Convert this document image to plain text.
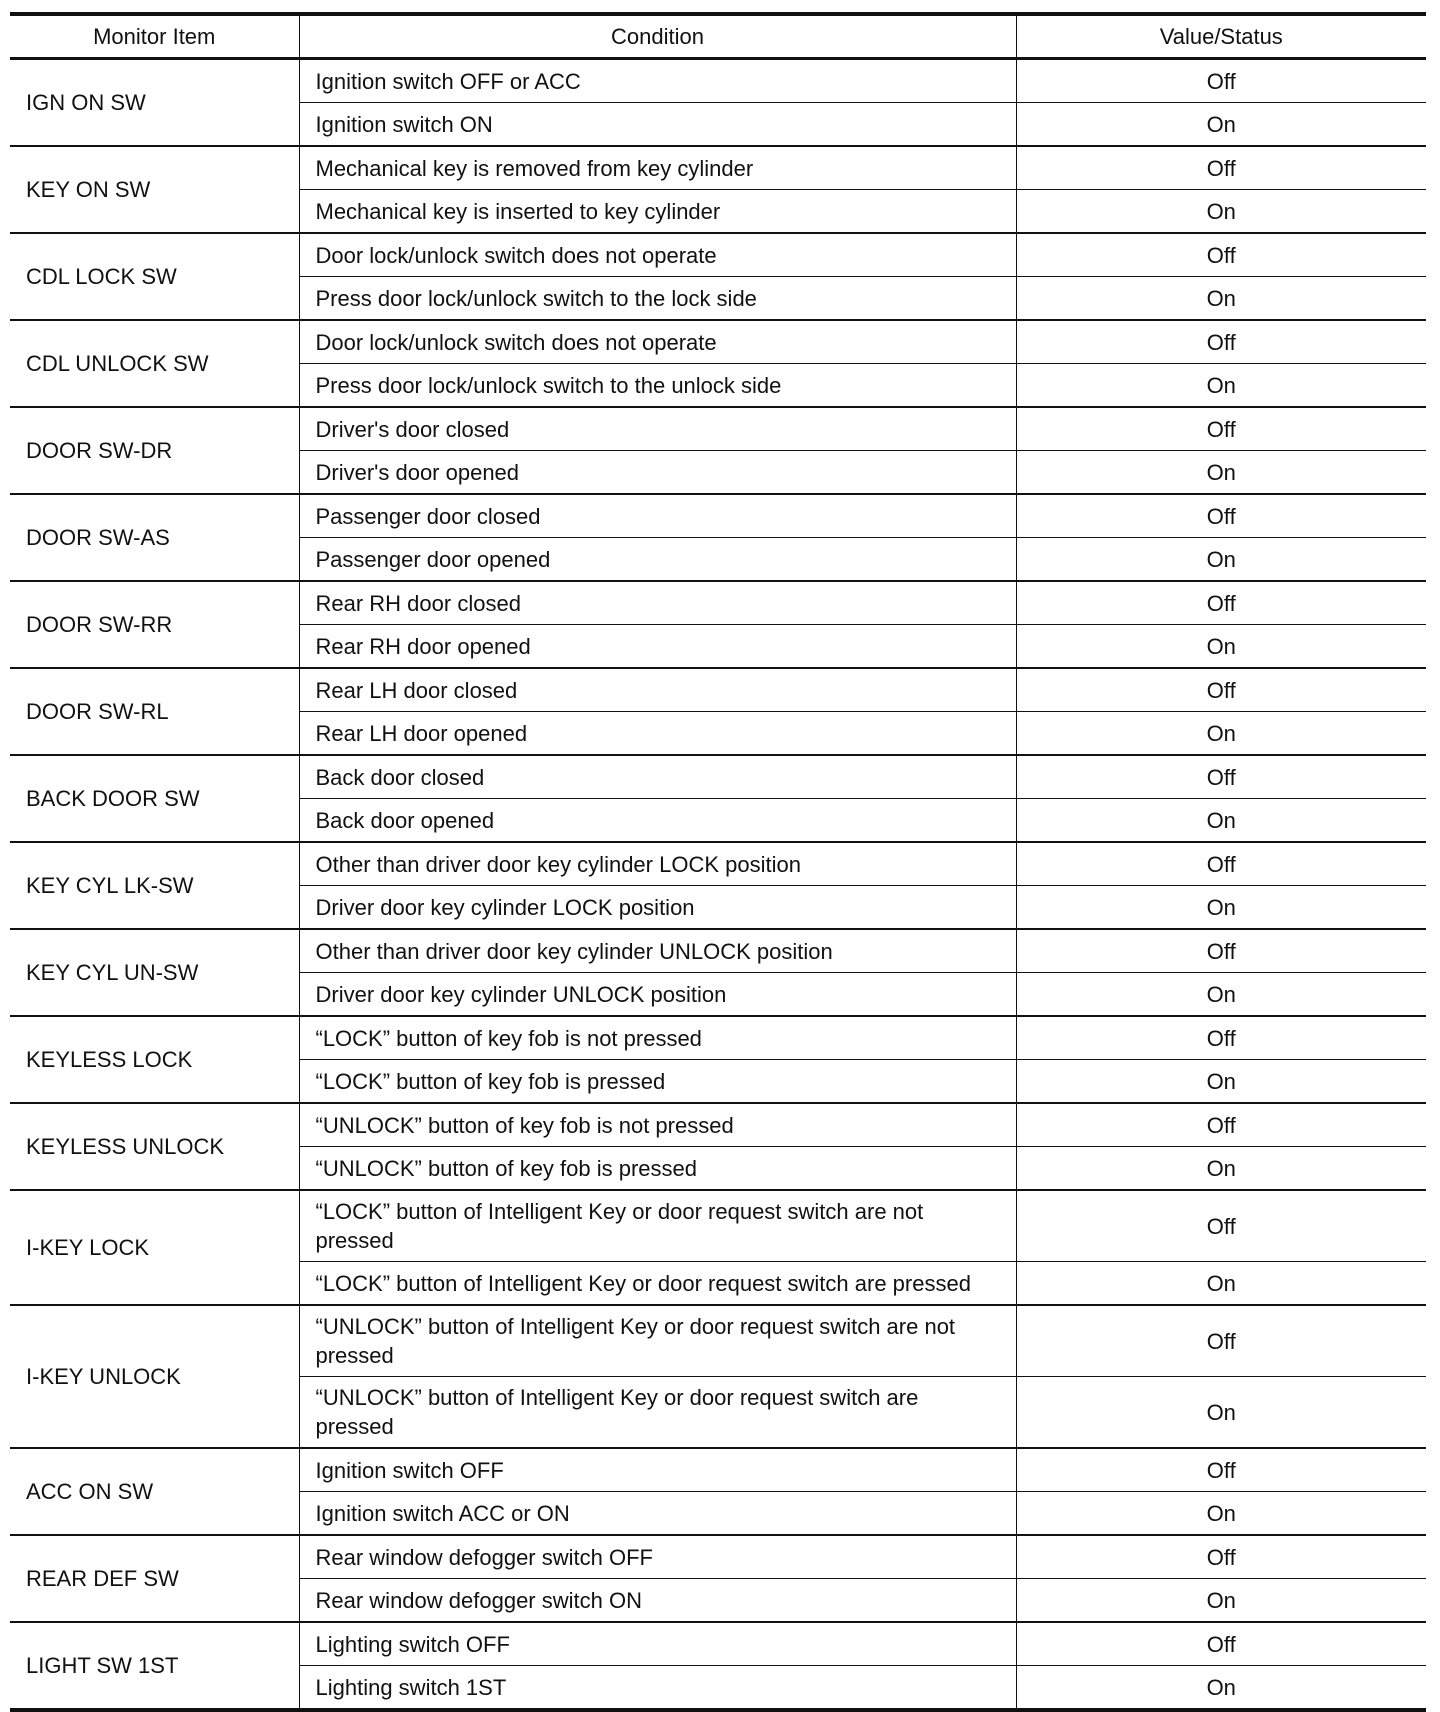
Monitor Item	Condition	Value/Status
IGN ON SW	Ignition switch OFF or ACC	Off
	Ignition switch ON	On
KEY ON SW	Mechanical key is removed from key cylinder	Off
	Mechanical key is inserted to key cylinder	On
CDL LOCK SW	Door lock/unlock switch does not operate	Off
	Press door lock/unlock switch to the lock side	On
CDL UNLOCK SW	Door lock/unlock switch does not operate	Off
	Press door lock/unlock switch to the unlock side	On
DOOR SW-DR	Driver's door closed	Off
	Driver's door opened	On
DOOR SW-AS	Passenger door closed	Off
	Passenger door opened	On
DOOR SW-RR	Rear RH door closed	Off
	Rear RH door opened	On
DOOR SW-RL	Rear LH door closed	Off
	Rear LH door opened	On
BACK DOOR SW	Back door closed	Off
	Back door opened	On
KEY CYL LK-SW	Other than driver door key cylinder LOCK position	Off
	Driver door key cylinder LOCK position	On
KEY CYL UN-SW	Other than driver door key cylinder UNLOCK position	Off
	Driver door key cylinder UNLOCK position	On
KEYLESS LOCK	“LOCK” button of key fob is not pressed	Off
	“LOCK” button of key fob is pressed	On
KEYLESS UNLOCK	“UNLOCK” button of key fob is not pressed	Off
	“UNLOCK” button of key fob is pressed	On
I-KEY LOCK	“LOCK” button of Intelligent Key or door request switch are not pressed	Off
	“LOCK” button of Intelligent Key or door request switch are pressed	On
I-KEY UNLOCK	“UNLOCK” button of Intelligent Key or door request switch are not pressed	Off
	“UNLOCK” button of Intelligent Key or door request switch are pressed	On
ACC ON SW	Ignition switch OFF	Off
	Ignition switch ACC or ON	On
REAR DEF SW	Rear window defogger switch OFF	Off
	Rear window defogger switch ON	On
LIGHT SW 1ST	Lighting switch OFF	Off
	Lighting switch 1ST	On
